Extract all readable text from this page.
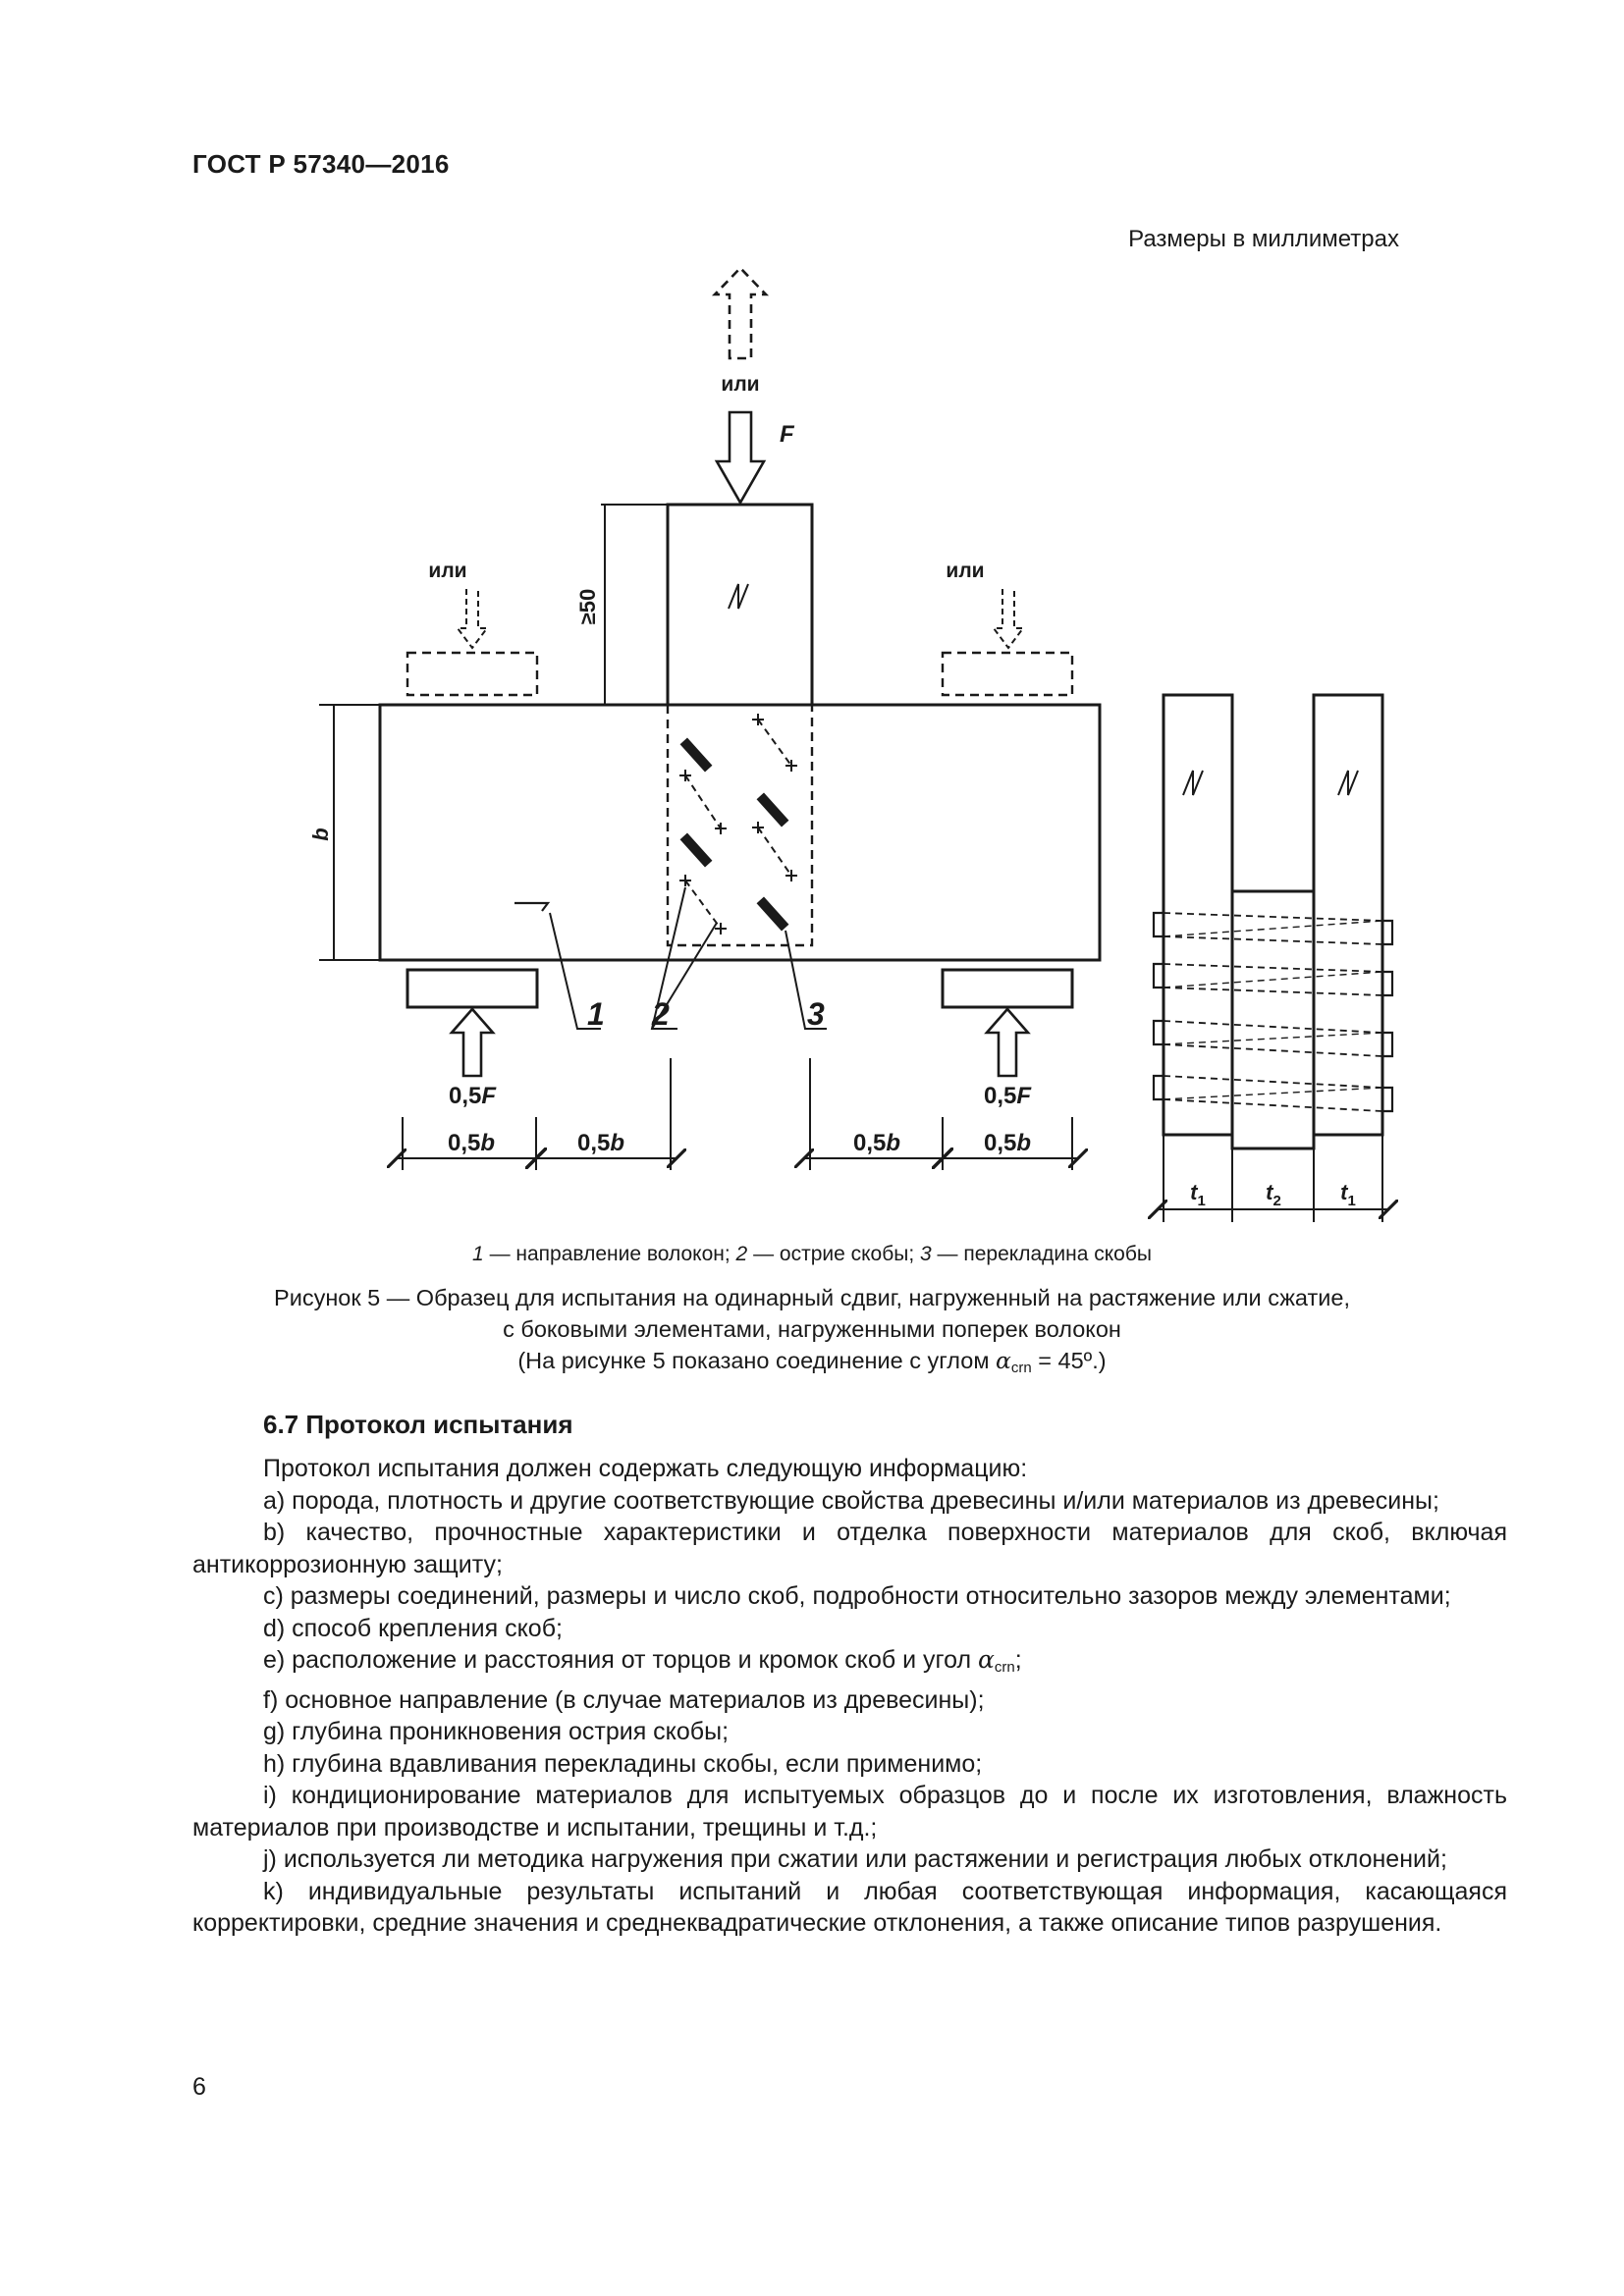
ГОСТ Р 57340—2016
Размеры в миллиметрах
или
F
или	или
≥50
b
1 2	3
0,5F	0,5F
0,5b	0,5b	0,5b	0,5b
$t_1$	$t_2$	$t_1$
1 — направление волокон; 2 — острие скобы; 3 — перекладина скобы
Рисунок 5 — Образец для испытания на одинарный сдвиг, нагруженный на растяжение или сжатие,
с боковыми элементами, нагруженными поперек волокон
(На рисунке 5 показано соединение с углом $\alpha_{crn}$ = 45º.)
6.7 Протокол испытания

Протокол испытания должен содержать следующую информацию:

а) порода, плотность и другие соответствующие свойства древесины и/или материалов из древесины;

b) качество, прочностные характеристики и отделка поверхности материалов для скоб, включая антикоррозионную защиту;

с) размеры соединений, размеры и число скоб, подробности относительно зазоров между элементами;

d) способ крепления скоб;

е) расположение и расстояния от торцов и кромок скоб и угол $\alpha_{crn}$;

f) основное направление (в случае материалов из древесины);

g) глубина проникновения острия скобы;

h) глубина вдавливания перекладины скобы, если применимо;

i) кондиционирование материалов для испытуемых образцов до и после их изготовления, влажность материалов при производстве и испытании, трещины и т.д.;

j) используется ли методика нагружения при сжатии или растяжении и регистрация любых отклонений;

k) индивидуальные результаты испытаний и любая соответствующая информация, касающаяся корректировки, средние значения и среднеквадратические отклонения, а также описание типов разрушения.

6
